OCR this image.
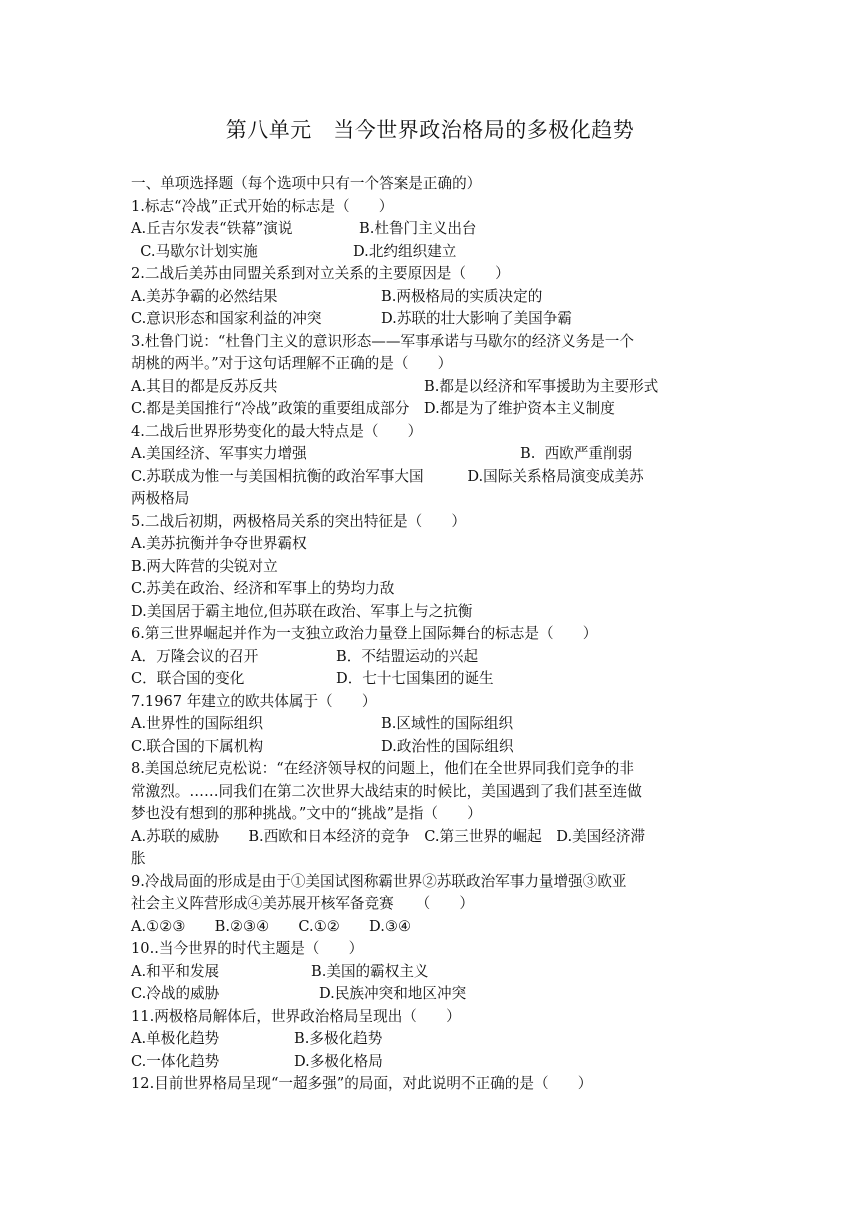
第八单元　当今世界政治格局的多极化趋势
一、单项选择题（每个选项中只有一个答案是正确的）
1.标志“冷战”正式开始的标志是（　　）

A.丘吉尔发表“铁幕”演说

	B.杜鲁门主义出台

C.马歇尔计划实施

	D.北约组织建立

2.二战后美苏由同盟关系到对立关系的主要原因是（　　）

A.美苏争霸的必然结果

	B.两极格局的实质决定的

C.意识形态和国家利益的冲突

	D.苏联的壮大影响了美国争霸

3.杜鲁门说：“杜鲁门主义的意识形态——军事承诺与马歇尔的经济义务是一个
胡桃的两半。”对于这句话理解不正确的是（　　）

A.其目的都是反苏反共

	B.都是以经济和军事援助为主要形式

C.都是美国推行“冷战”政策的重要组成部分　D.都是为了维护资本主义制度
4.二战后世界形势变化的最大特点是（　　）

A.美国经济、军事实力增强

	B.  西欧严重削弱

C.苏联成为惟一与美国相抗衡的政治军事大国　　　D.国际关系格局演变成美苏
两极格局
5.二战后初期，两极格局关系的突出特征是（　　）
A.美苏抗衡并争夺世界霸权
B.两大阵营的尖锐对立
C.苏美在政治、经济和军事上的势均力敌
D.美国居于霸主地位,但苏联在政治、军事上与之抗衡
6.第三世界崛起并作为一支独立政治力量登上国际舞台的标志是（　　）

A．万隆会议的召开

	B．不结盟运动的兴起

C．联合国的变化

	D．七十七国集团的诞生

7.1967 年建立的欧共体属于（　　）

A.世界性的国际组织

	B.区域性的国际组织

C.联合国的下属机构

	D.政治性的国际组织

8.美国总统尼克松说：“在经济领导权的问题上，他们在全世界同我们竞争的非
常激烈。……同我们在第二次世界大战结束的时候比，美国遇到了我们甚至连做
梦也没有想到的那种挑战。”文中的“挑战”是指（　　）
A.苏联的威胁　　B.西欧和日本经济的竞争　C.第三世界的崛起　D.美国经济滞
胀
9.冷战局面的形成是由于①美国试图称霸世界②苏联政治军事力量增强③欧亚
社会主义阵营形成④美苏展开核军备竞赛　　（　　）
A.①②③　　B.②③④　　C.①②　　D.③④
10..当今世界的时代主题是（　　）

A.和平和发展

	B.美国的霸权主义

C.冷战的威胁

	D.民族冲突和地区冲突

11.两极格局解体后，世界政治格局呈现出（　　）

A.单极化趋势

	B.多极化趋势

C.一体化趋势

	D.多极化格局

12.目前世界格局呈现“一超多强”的局面，对此说明不正确的是（　　）
